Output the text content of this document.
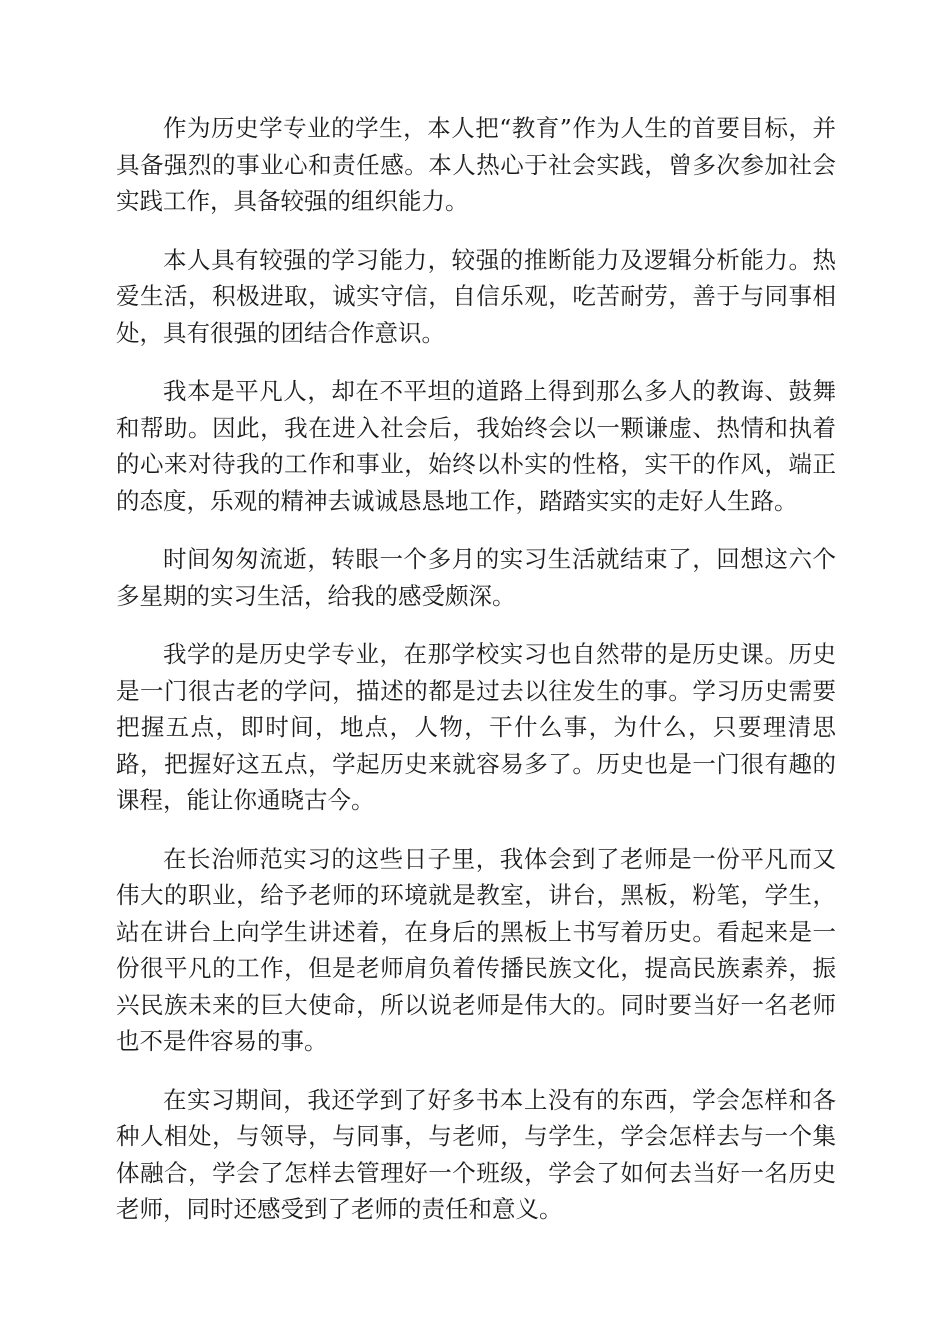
作为历史学专业的学生，本人把“教育”作为人生的首要目标，并具备强烈的事业心和责任感。本人热心于社会实践，曾多次参加社会实践工作，具备较强的组织能力。

本人具有较强的学习能力，较强的推断能力及逻辑分析能力。热爱生活，积极进取，诚实守信，自信乐观，吃苦耐劳，善于与同事相处，具有很强的团结合作意识。

我本是平凡人，却在不平坦的道路上得到那么多人的教诲、鼓舞和帮助。因此，我在进入社会后，我始终会以一颗谦虚、热情和执着的心来对待我的工作和事业，始终以朴实的性格，实干的作风，端正的态度，乐观的精神去诚诚恳恳地工作，踏踏实实的走好人生路。

时间匆匆流逝，转眼一个多月的实习生活就结束了，回想这六个多星期的实习生活，给我的感受颇深。

我学的是历史学专业，在那学校实习也自然带的是历史课。历史是一门很古老的学问，描述的都是过去以往发生的事。学习历史需要把握五点，即时间，地点，人物，干什么事，为什么，只要理清思路，把握好这五点，学起历史来就容易多了。历史也是一门很有趣的课程，能让你通晓古今。

在长治师范实习的这些日子里，我体会到了老师是一份平凡而又伟大的职业，给予老师的环境就是教室，讲台，黑板，粉笔，学生，站在讲台上向学生讲述着，在身后的黑板上书写着历史。看起来是一份很平凡的工作，但是老师肩负着传播民族文化，提高民族素养，振兴民族未来的巨大使命，所以说老师是伟大的。同时要当好一名老师也不是件容易的事。

在实习期间，我还学到了好多书本上没有的东西，学会怎样和各种人相处，与领导，与同事，与老师，与学生，学会怎样去与一个集体融合，学会了怎样去管理好一个班级，学会了如何去当好一名历史老师，同时还感受到了老师的责任和意义。
